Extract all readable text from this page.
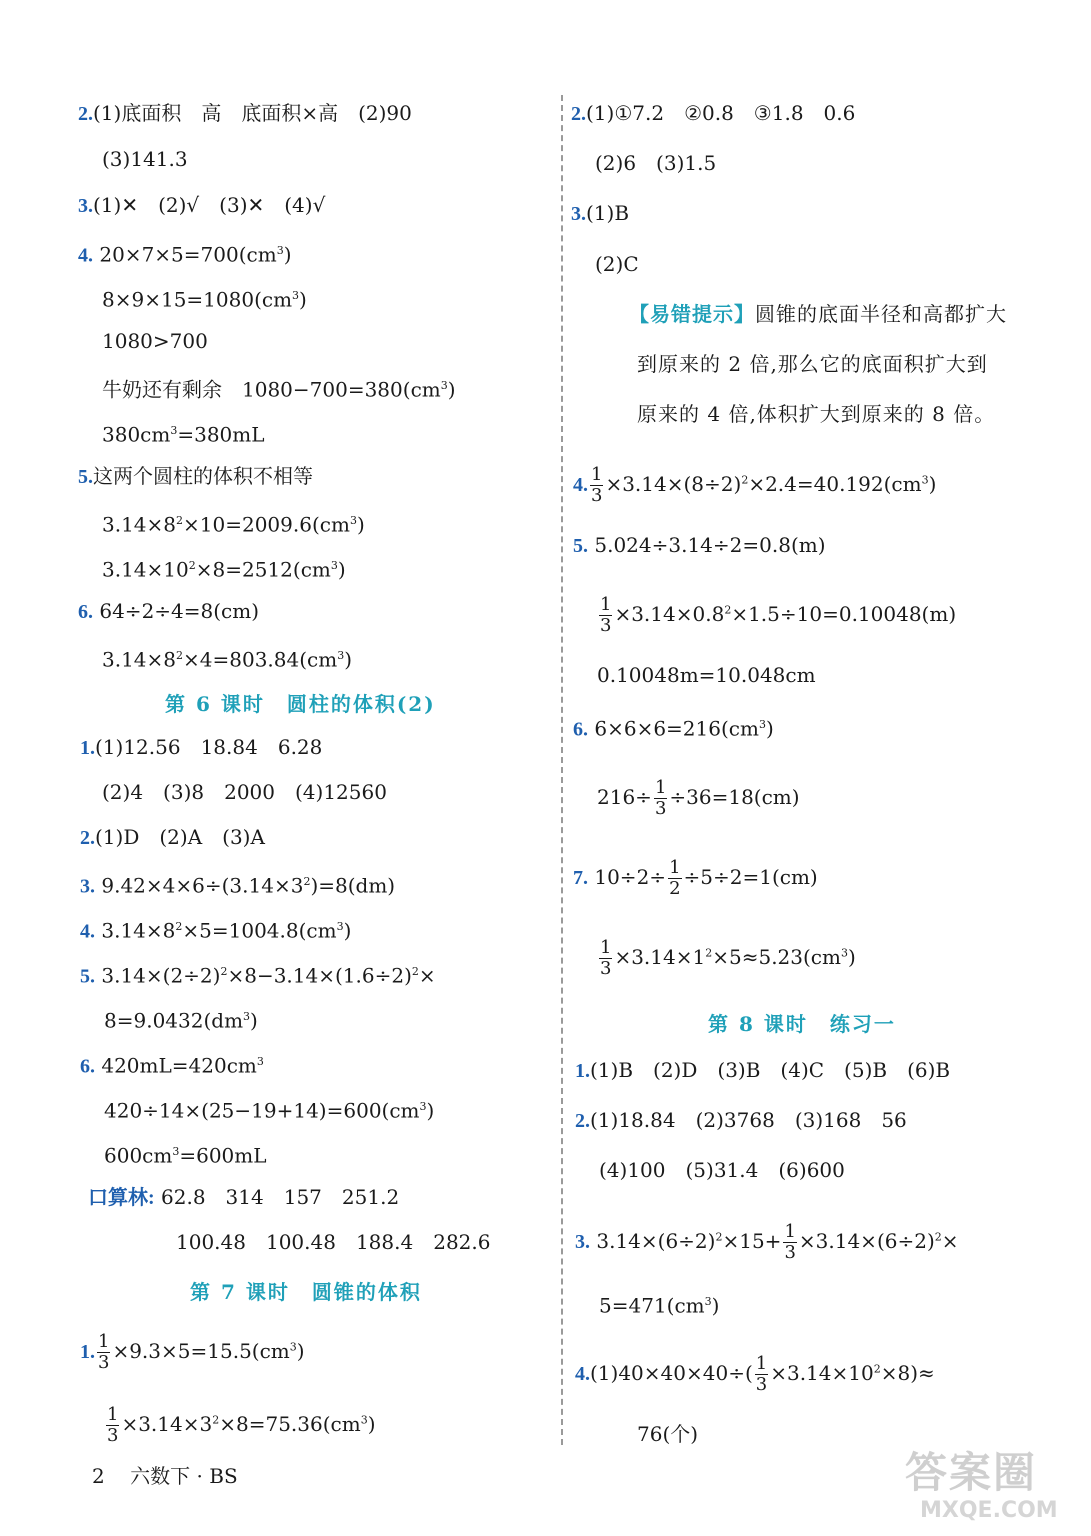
2.(1)底面积　高　底面积×高　(2)90
(3)141.3
3.(1)✕　(2)√　(3)✕　(4)√
4. $20\times 7\times 5=700(cm^3)$
$8\times 9\times 15=1080(cm^3)$
1080>700
牛奶还有剩余　$1080-700=380(cm^3)$
$380cm^3=380mL$
5.这两个圆柱的体积不相等
$3.14\times 8^2\times 10=2009.6(cm^3)$
$3.14\times 10^2\times 8=2512(cm^3)$
6. 64÷2÷4=8(cm)
$3.14\times 8^2\times 4=803.84(cm^3)$
第 6 课时　圆柱的体积(2)
1.(1)12.56　18.84　6.28
(2)4　(3)8　2000　(4)12560
2.(1)D　(2)A　(3)A
3. $9.42\times 4\times 6\div(3.14\times 3^2)=8(dm)$
4. $3.14\times 8^2\times 5=1004.8(cm^3)$
5. $3.14\times(2\div 2)^2\times 8-3.14\times(1.6\div 2)^2\times$
$8=9.0432(dm^3)$
6. $420mL=420cm^3$
$420\div 14\times(25-19+14)=600(cm^3)$
$600cm^3=600mL$
口算林: 62.8　314　157　251.2
100.48　100.48　188.4　282.6
第 7 课时　圆锥的体积
1. $\frac{1}{3} \times 9.3\times 5=15.5(cm^3)$
$\frac{1}{3} \times 3.14\times 3^2\times 8=75.36(cm^3)$
2.(1)①7.2　②0.8　③1.8　0.6
(2)6　(3)1.5
3.(1)B
(2)C
【易错提示】圆锥的底面半径和高都扩大
到原来的 2 倍,那么它的底面积扩大到
原来的 4 倍,体积扩大到原来的 8 倍。
4. $\frac{1}{3} \times 3.14\times(8\div 2)^2\times 2.4=40.192(cm^3)$
5. 5.024÷3.14÷2=0.8(m)
$\frac{1}{3} \times 3.14\times 0.8^2\times 1.5\div 10=0.10048(m)$
0.10048m=10.048cm
6. $6\times 6\times 6=216(cm^3)$
$216\div \frac{1}{3} \div 36=18(cm)$
7. $10\div 2\div \frac{1}{2} \div 5\div 2=1(cm)$
$\frac{1}{3} \times 3.14\times 1^2\times 5\approx 5.23(cm^3)$
第 8 课时　练习一
1.(1)B　(2)D　(3)B　(4)C　(5)B　(6)B
2.(1)18.84　(2)3768　(3)168　56
(4)100　(5)31.4　(6)600
3. $3.14\times(6\div 2)^2\times 15+ \frac{1}{3} \times 3.14\times(6\div 2)^2\times$
$5=471(cm^3)$
$4.(1)40\times 40\times 40\div( \frac{1}{3} \times 3.14\times 10^2\times 8)\approx$
76(个)
2 六数下 · BS	答案圈
MXQE.COM
